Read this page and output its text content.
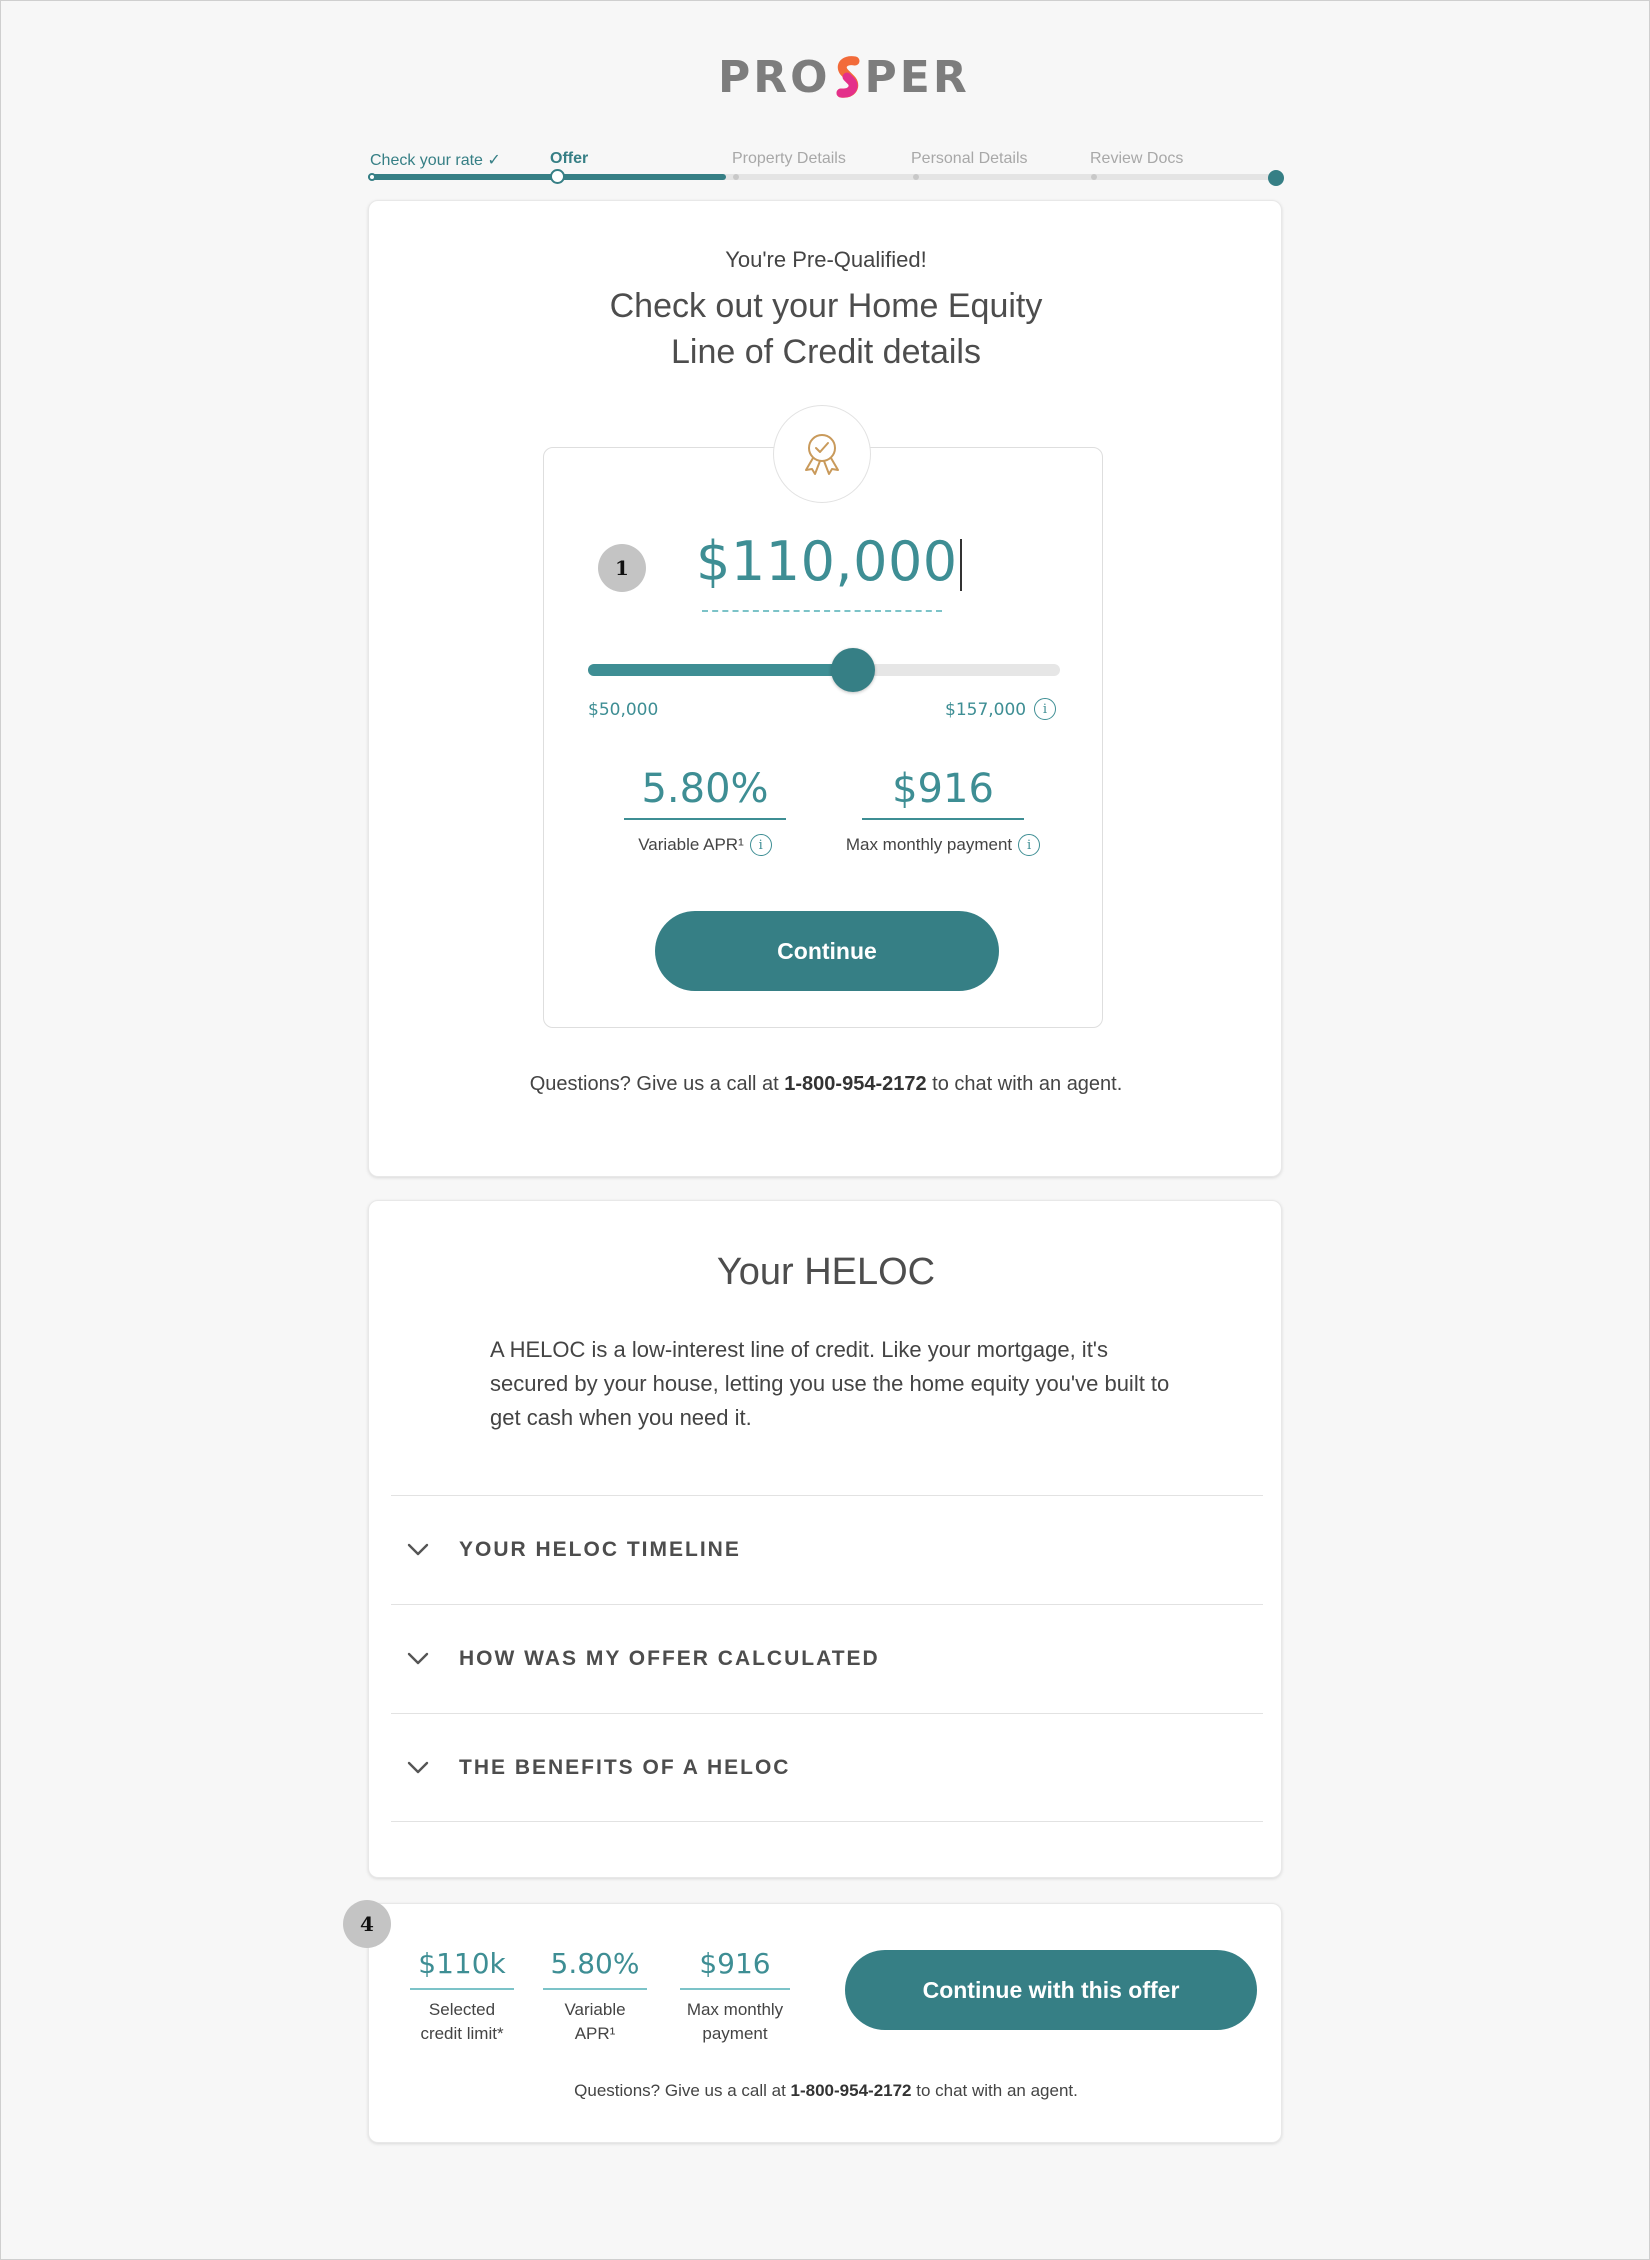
PRO PER
Check your rate ✓	Offer	Property Details	Personal Details	Review Docs
You're Pre-Qualified!
Check out your Home Equity
Line of Credit details
1	$110,000
$50,000	$157,000	i
5.80%
Variable APR¹	i
$916
Max monthly payment	i
Continue
Questions? Give us a call at 1-800-954-2172 to chat with an agent.
Your HELOC
A HELOC is a low-interest line of credit. Like your mortgage, it's secured by your house, letting you use the home equity you've built to get cash when you need it.
YOUR HELOC TIMELINE
HOW WAS MY OFFER CALCULATED
THE BENEFITS OF A HELOC
$110k
Selected
credit limit*
5.80%
Variable
APR¹
$916
Max monthly
payment
Continue with this offer
Questions? Give us a call at 1-800-954-2172 to chat with an agent.
4
